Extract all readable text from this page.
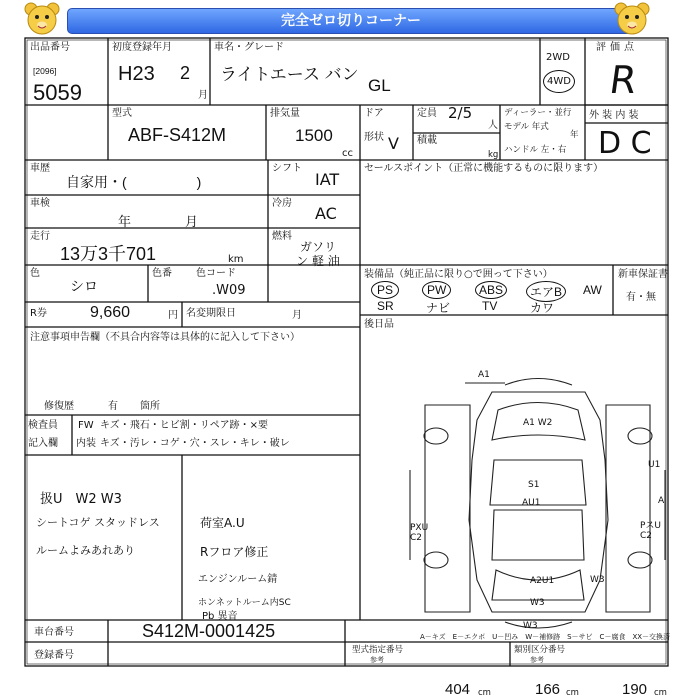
完全ゼロ切りコーナー
出品番号
[2096]
5059
初度登録年月
H23 2
月
車名・グレード
ライトエース バン
GL
2WD
4WD
評価点
R
型式
ABF-S412M
排気量
1500
cc
ドア
形状 V
定員 2/5
人
積載
kg
ディーラー・並行
モデル 年式
年
ハンドル 左・右
外 装 内 装
D C
車歴
自家用・(　　　　　)
シフト
IAT
車検
年	月
冷房
AC
走行
13万3千701	km
燃料
ガソリン 軽 油
色
シロ
色番 色コード
.W09
R券	9,660	円 名変期限日	月
注意事項申告欄（不具合内容等は具体的に記入して下さい）
修復歴	有 箇所
検査員
記入欄
FW キズ・飛石・ヒビ割・リペア跡・×要
内装 キズ・汚レ・コゲ・穴・スレ・キレ・破レ
扱U　W2 W3
シートコゲ スタッドレス
ルームよみあれあり
荷室A.U
Rフロア修正
エンジンルーム錆
ホンネットルーム内SC
Pb 異音
セールスポイント（正常に機能するものに限ります）
装備品（純正品に限り○で囲って下さい）	新車保証書
有・無
PS	PW	ABS	エアB	AW
SR	ナビ	TV	カワ
後日品
A1
A1 W2
S1
AU1
U1
A
PXU C2
PスU C2
A2U1	W3
W3
W3
A－キズ　E－エクボ　U－凹み　W－補修跡　S－サビ　C－腐食　XX－交換済
車台番号	S412M-0001425
登録番号	型式指定番号
参考
類別区分番号
参考
404 cm	166 cm	190 cm
